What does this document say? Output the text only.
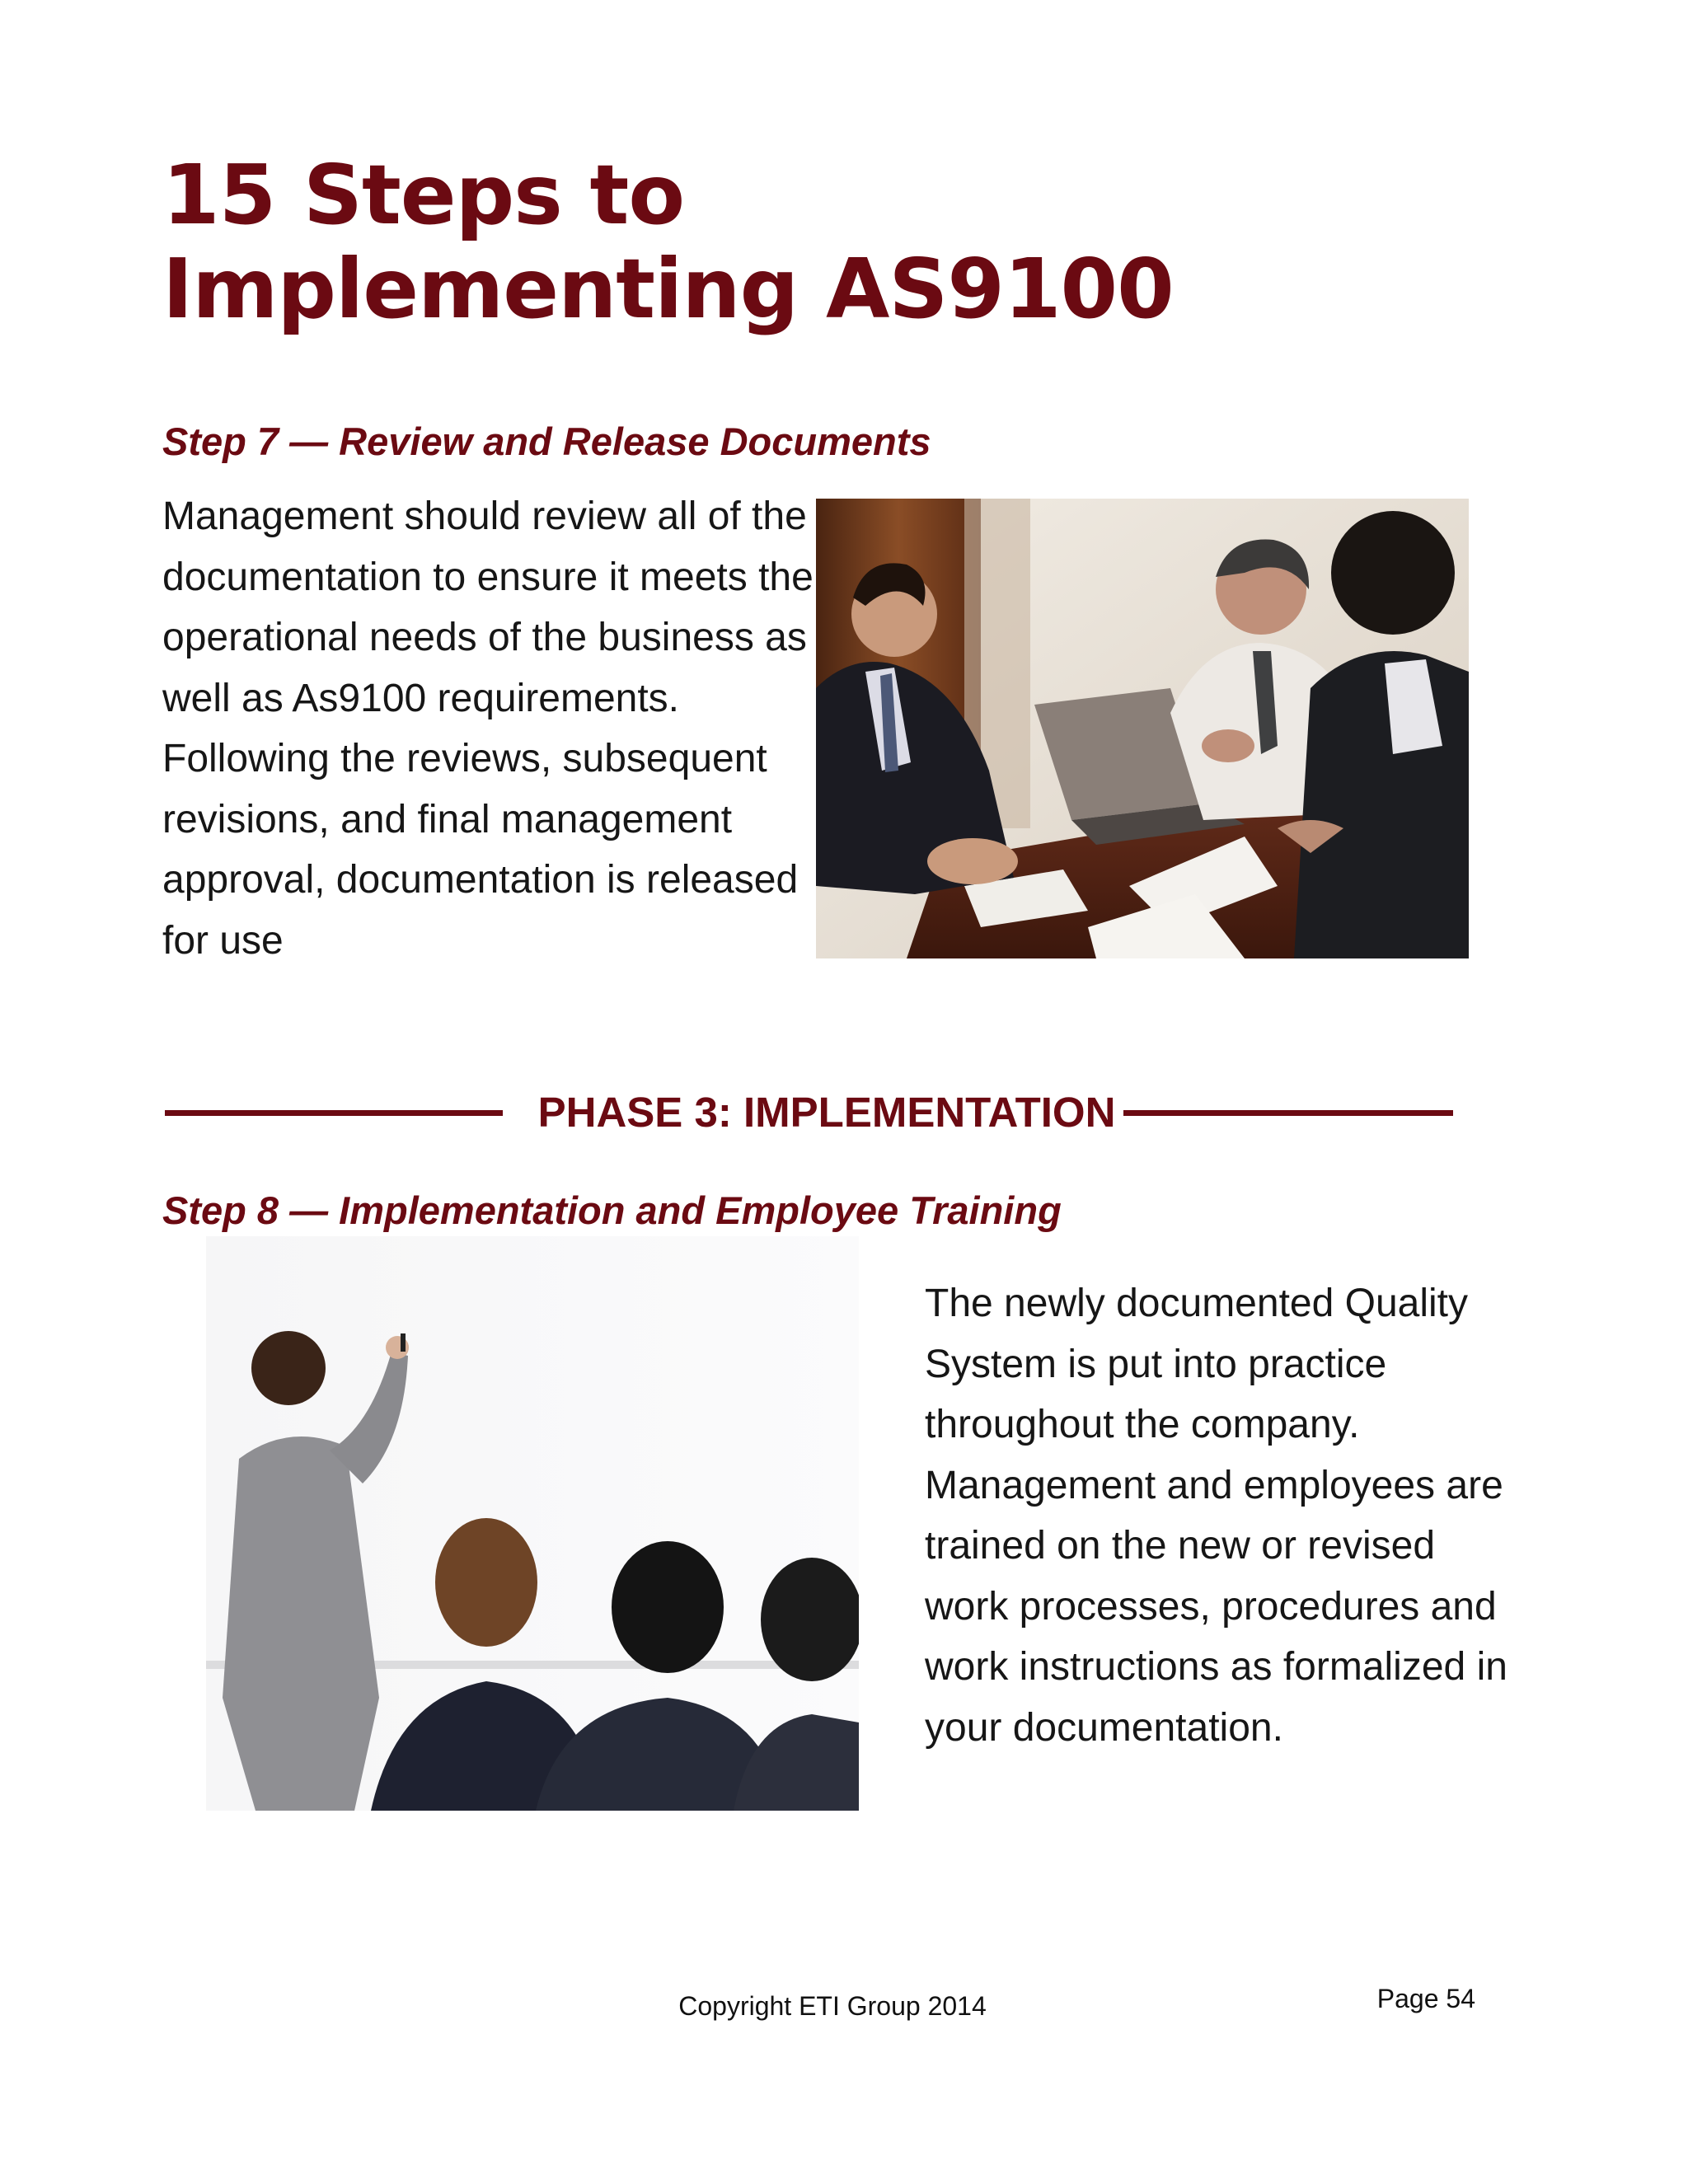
15 Steps to Implementing AS9100
Step 7 — Review and Release Documents

Management should review all of the documentation to ensure it meets the operational needs of the business as well as As9100 requirements. Following the reviews, subsequent revisions, and final management approval, documentation is released for use

PHASE 3: IMPLEMENTATION
Step 8 — Implementation and Employee Training

The newly documented Quality System is put into practice throughout the company. Management and employees are trained on the new or revised work processes, procedures and work instructions as formalized in your documentation.

Copyright ETI Group 2014	Page 54
